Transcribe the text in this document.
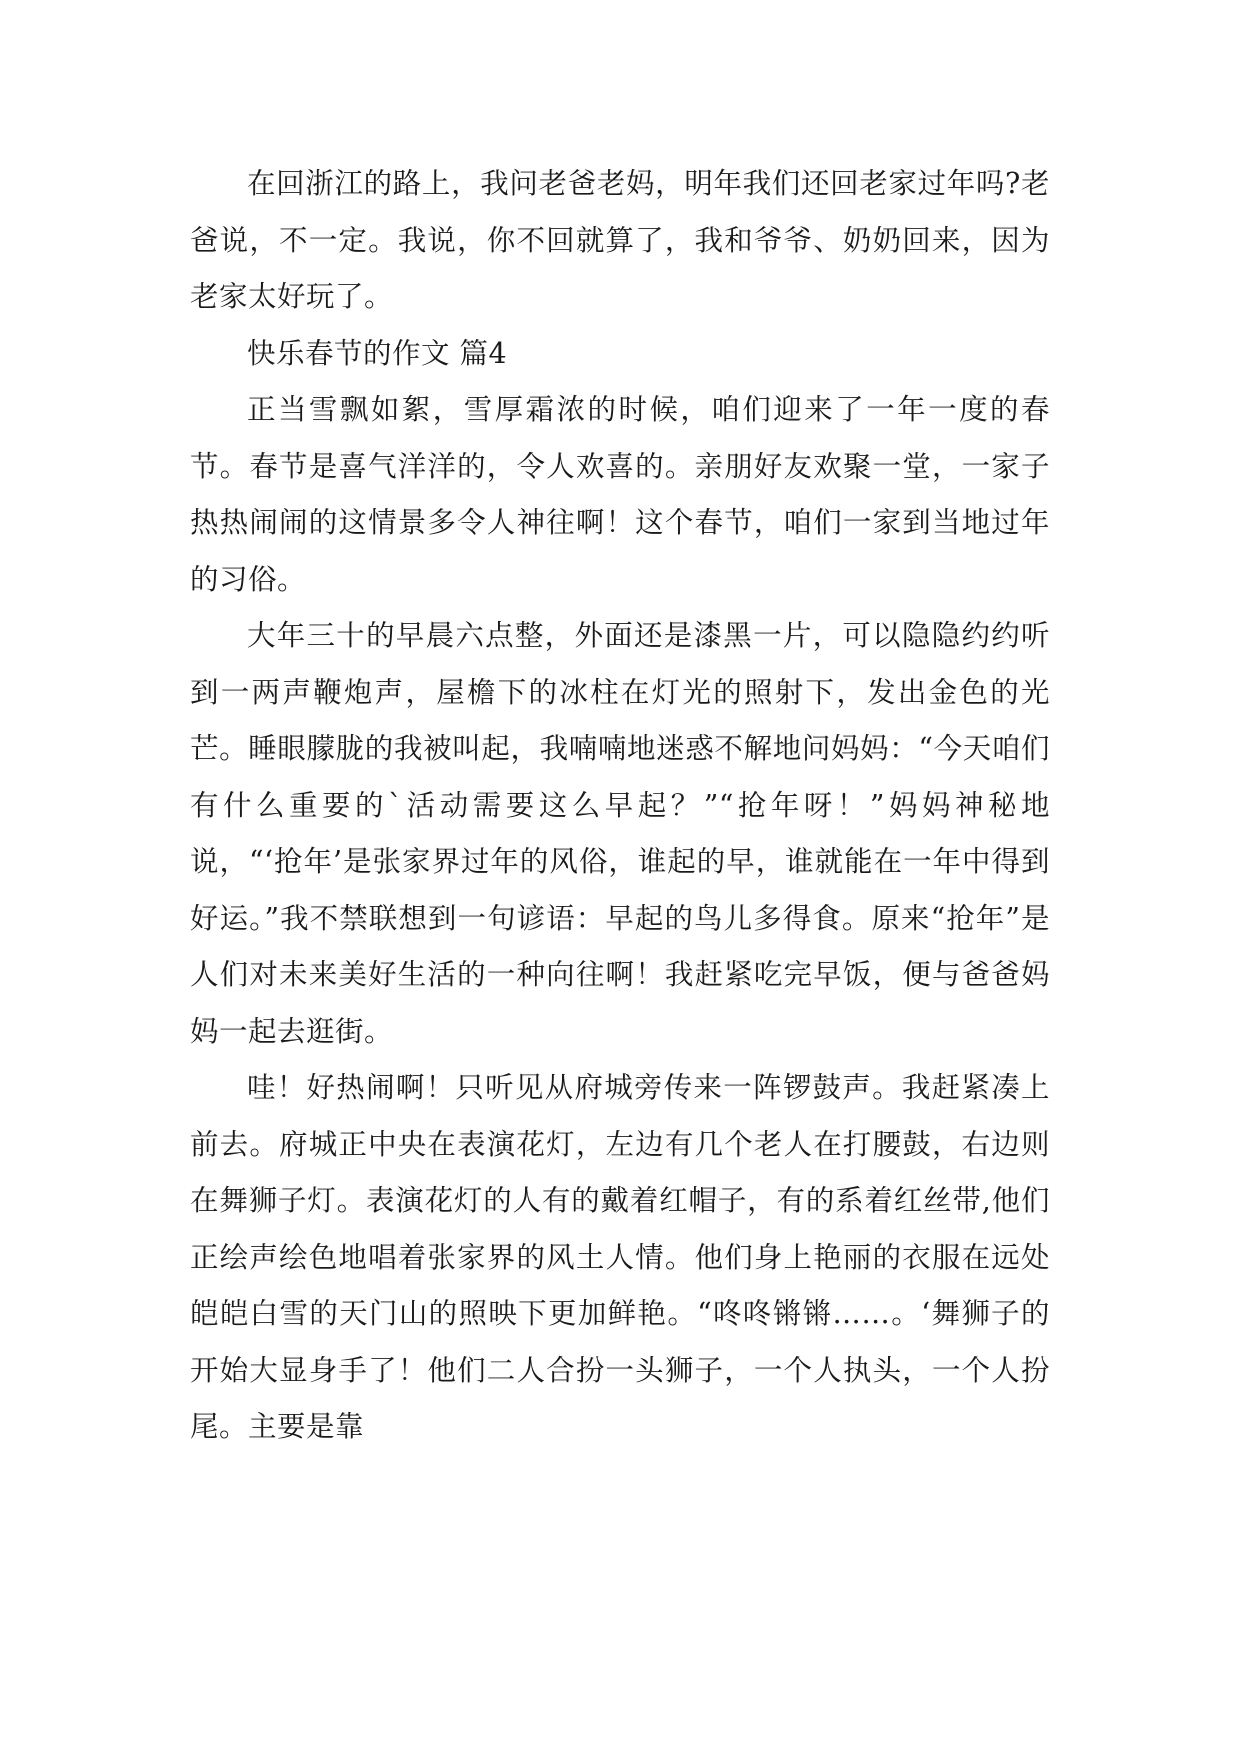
在回浙江的路上，我问老爸老妈，明年我们还回老家过年吗?老爸说，不一定。我说，你不回就算了，我和爷爷、奶奶回来，因为老家太好玩了。

快乐春节的作文 篇4

正当雪飘如絮，雪厚霜浓的时候，咱们迎来了一年一度的春节。春节是喜气洋洋的，令人欢喜的。亲朋好友欢聚一堂，一家子热热闹闹的这情景多令人神往啊！这个春节，咱们一家到当地过年的习俗。

大年三十的早晨六点整，外面还是漆黑一片，可以隐隐约约听到一两声鞭炮声，屋檐下的冰柱在灯光的照射下，发出金色的光芒。睡眼朦胧的我被叫起，我喃喃地迷惑不解地问妈妈：“今天咱们有什么重要的`活动需要这么早起？”“抢年呀！”妈妈神秘地说，“‘抢年’是张家界过年的风俗，谁起的早，谁就能在一年中得到好运。”我不禁联想到一句谚语：早起的鸟儿多得食。原来“抢年”是人们对未来美好生活的一种向往啊！我赶紧吃完早饭，便与爸爸妈妈一起去逛街。

哇！好热闹啊！只听见从府城旁传来一阵锣鼓声。我赶紧凑上前去。府城正中央在表演花灯，左边有几个老人在打腰鼓，右边则在舞狮子灯。表演花灯的人有的戴着红帽子，有的系着红丝带,他们正绘声绘色地唱着张家界的风土人情。他们身上艳丽的衣服在远处皑皑白雪的天门山的照映下更加鲜艳。“咚咚锵锵……。‘舞狮子的开始大显身手了！他们二人合扮一头狮子，一个人执头，一个人扮尾。主要是靠
